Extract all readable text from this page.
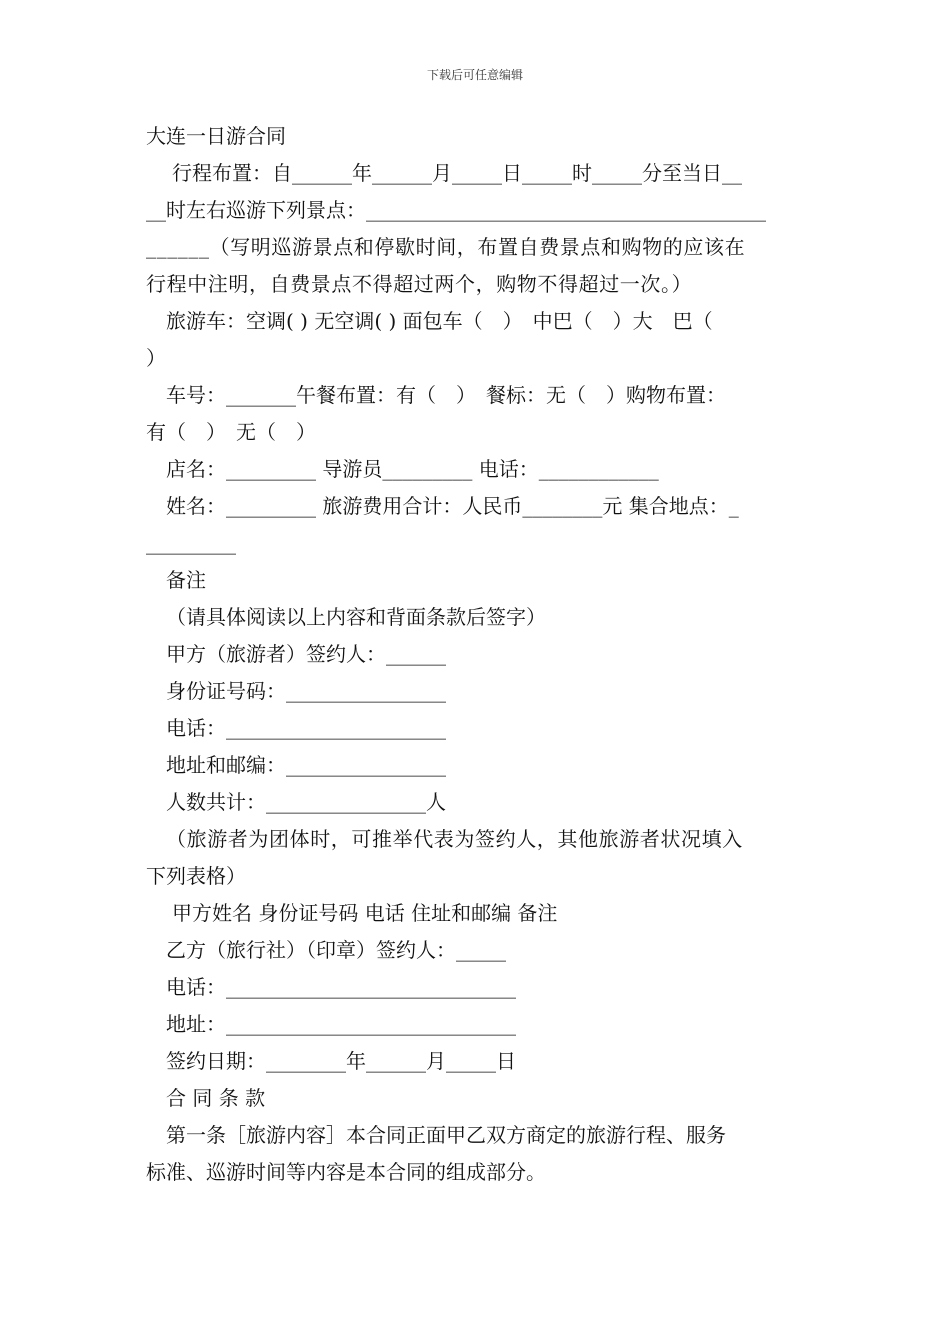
下载后可任意编辑
大连一日游合同
行程布置：自______年______月_____日_____时_____分至当日__
__时左右巡游下列景点：________________________________________
______（写明巡游景点和停歇时间，布置自费景点和购物的应该在
行程中注明，自费景点不得超过两个，购物不得超过一次。）
旅游车：空调( ) 无空调( ) 面包车（　）　中巴（　）大　巴（
）
车号：_______午餐布置：有（　）　餐标：无（　）购物布置：
有（　）　无（　）
店名：_________ 导游员_________ 电话：____________
姓名：_________ 旅游费用合计：人民币________元 集合地点：_
_________
备注
（请具体阅读以上内容和背面条款后签字）
甲方（旅游者）签约人：______
身份证号码：________________
电话：______________________
地址和邮编：________________
人数共计：________________人
（旅游者为团体时，可推举代表为签约人，其他旅游者状况填入
下列表格）
甲方姓名 身份证号码 电话 住址和邮编 备注
乙方（旅行社）（印章）签约人：_____
电话：_____________________________
地址：_____________________________
签约日期：________年______月_____日
合 同 条 款
第一条［旅游内容］本合同正面甲乙双方商定的旅游行程、服务
标准、巡游时间等内容是本合同的组成部分。
